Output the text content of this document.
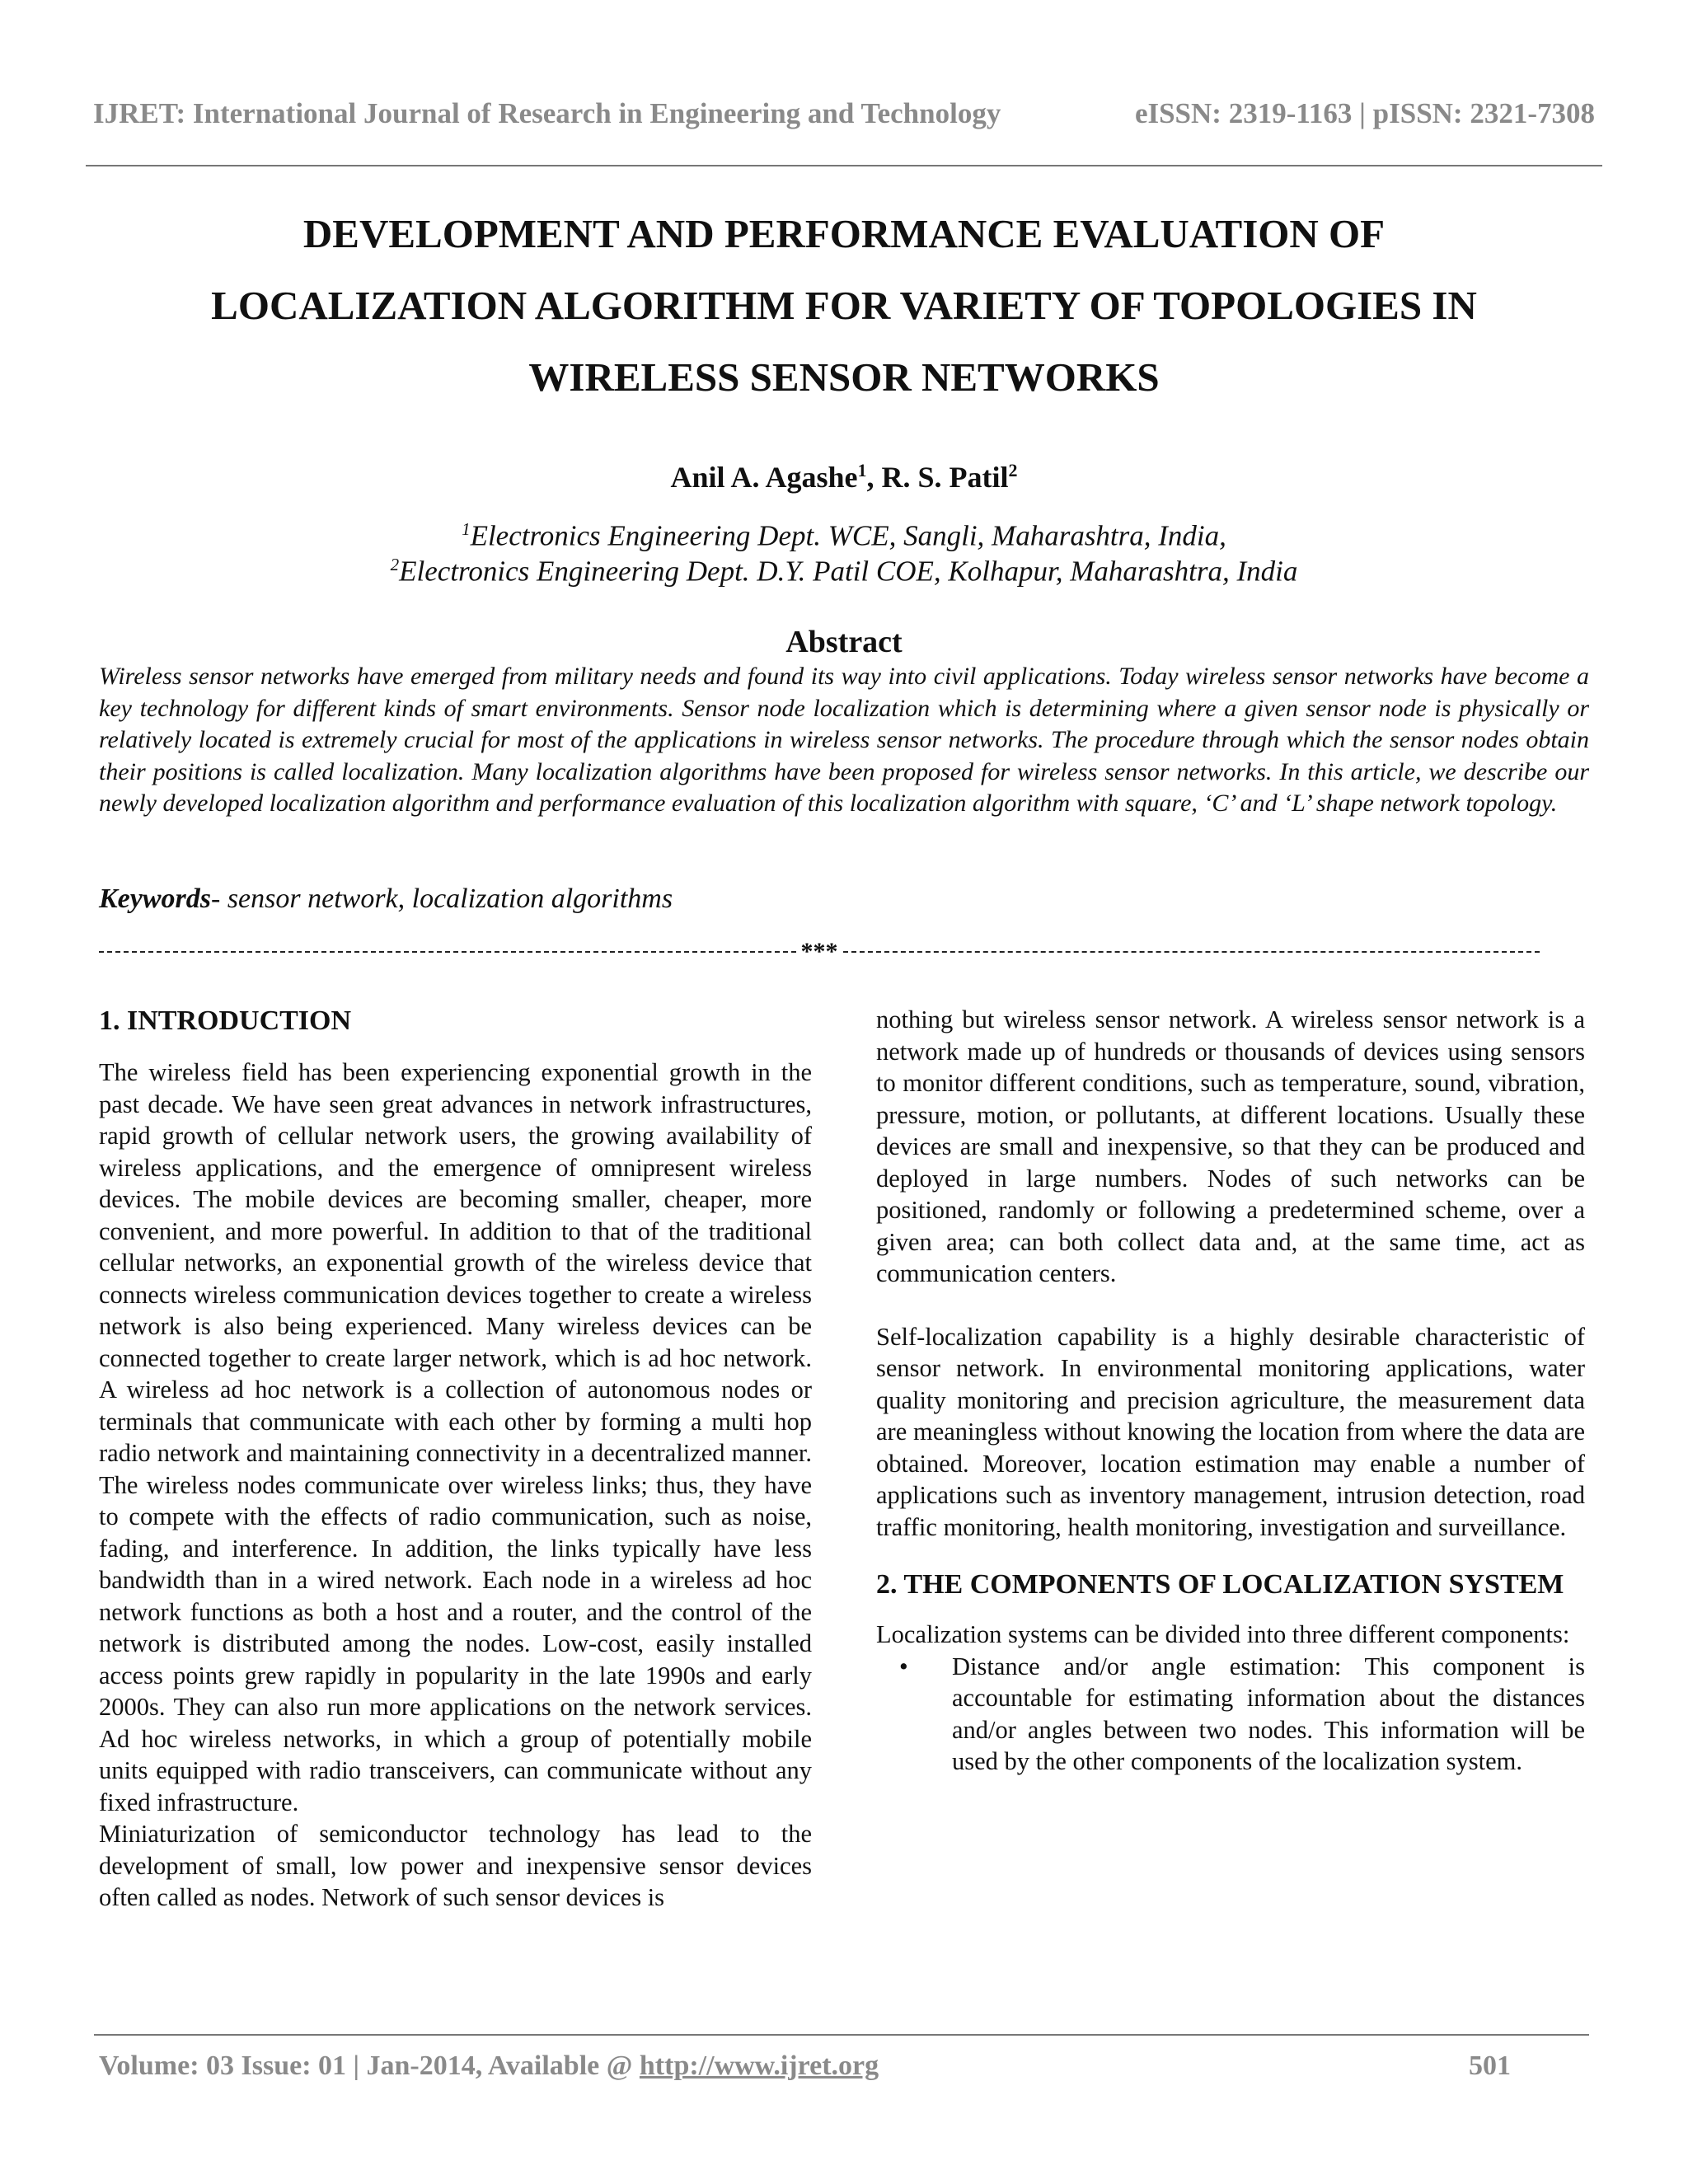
IJRET: International Journal of Research in Engineering and Technology	eISSN: 2319-1163 | pISSN: 2321-7308
DEVELOPMENT AND PERFORMANCE EVALUATION OF
LOCALIZATION ALGORITHM FOR VARIETY OF TOPOLOGIES IN
WIRELESS SENSOR NETWORKS
Anil A. Agashe$^1$, R. S. Patil$^2$
$^1$Electronics Engineering Dept. WCE, Sangli, Maharashtra, India,
$^2$Electronics Engineering Dept. D.Y. Patil COE, Kolhapur, Maharashtra, India
Abstract

Wireless sensor networks have emerged from military needs and found its way into civil applications. Today wireless sensor networks have become a key technology for different kinds of smart environments. Sensor node localization which is determining where a given sensor node is physically or relatively located is extremely crucial for most of the applications in wireless sensor networks. The procedure through which the sensor nodes obtain their positions is called localization. Many localization algorithms have been proposed for wireless sensor networks. In this article, we describe our newly developed localization algorithm and performance evaluation of this localization algorithm with square, ‘C’ and ‘L’ shape network topology.

Keywords- sensor network, localization algorithms
***
1. INTRODUCTION

The wireless field has been experiencing exponential growth in the past decade. We have seen great advances in network infrastructures, rapid growth of cellular network users, the growing availability of wireless applications, and the emergence of omnipresent wireless devices. The mobile devices are becoming smaller, cheaper, more convenient, and more powerful. In addition to that of the traditional cellular networks, an exponential growth of the wireless device that connects wireless communication devices together to create a wireless network is also being experienced. Many wireless devices can be connected together to create larger network, which is ad hoc network. A wireless ad hoc network is a collection of autonomous nodes or terminals that communicate with each other by forming a multi hop radio network and maintaining connectivity in a decentralized manner. The wireless nodes communicate over wireless links; thus, they have to compete with the effects of radio communication, such as noise, fading, and interference. In addition, the links typically have less bandwidth than in a wired network. Each node in a wireless ad hoc network functions as both a host and a router, and the control of the network is distributed among the nodes. Low-cost, easily installed access points grew rapidly in popularity in the late 1990s and early 2000s. They can also run more applications on the network services. Ad hoc wireless networks, in which a group of potentially mobile units equipped with radio transceivers, can communicate without any fixed infrastructure.

Miniaturization of semiconductor technology has lead to the development of small, low power and inexpensive sensor devices often called as nodes. Network of such sensor devices is

nothing but wireless sensor network. A wireless sensor network is a network made up of hundreds or thousands of devices using sensors to monitor different conditions, such as temperature, sound, vibration, pressure, motion, or pollutants, at different locations. Usually these devices are small and inexpensive, so that they can be produced and deployed in large numbers. Nodes of such networks can be positioned, randomly or following a predetermined scheme, over a given area; can both collect data and, at the same time, act as communication centers.

Self-localization capability is a highly desirable characteristic of sensor network. In environmental monitoring applications, water quality monitoring and precision agriculture, the measurement data are meaningless without knowing the location from where the data are obtained. Moreover, location estimation may enable a number of applications such as inventory management, intrusion detection, road traffic monitoring, health monitoring, investigation and surveillance.

2. THE COMPONENTS OF LOCALIZATION SYSTEM

Localization systems can be divided into three different components:

• Distance and/or angle estimation: This component is accountable for estimating information about the distances and/or angles between two nodes. This information will be used by the other components of the localization system.
Volume: 03 Issue: 01 | Jan-2014, Available @ http://www.ijret.org	501
